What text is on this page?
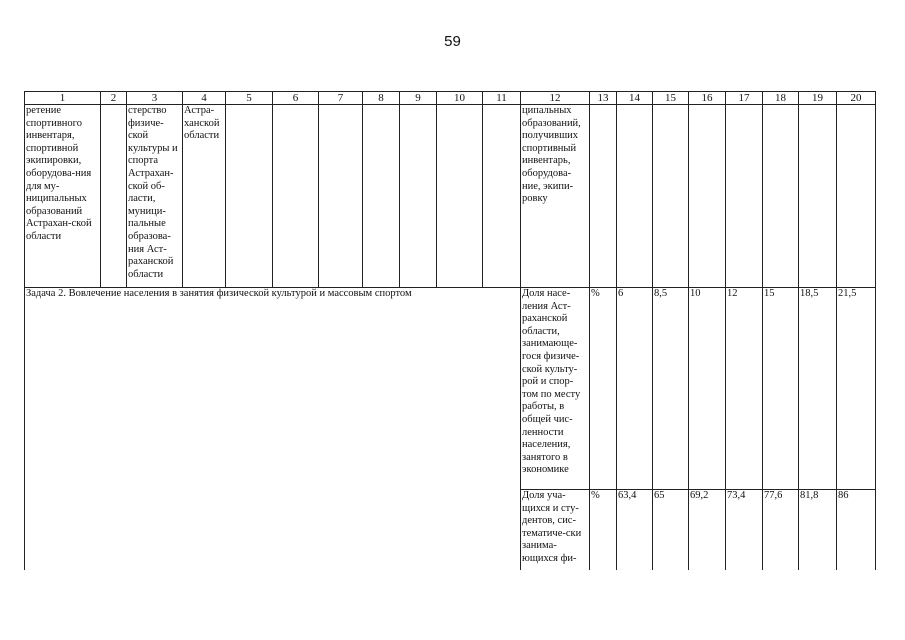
59
1	2	3	4	5	6	7	8	9	10	11	12	13	14	15	16	17	18	19	20
ретение спортивного инвентаря, спортивной экипировки, оборудова-ния для му-ниципальных образований Астрахан-ской области		стерство физиче-ской культуры и спорта Астрахан-ской об-ласти, муници-пальные образова-ния Аст-раханской области	Астра-ханской области								ципальных образований, получивших спортивный инвентарь, оборудова-ние, экипи-ровку								
Задача 2. Вовлечение населения в занятия физической культурой и массовым спортом											Доля насе-ления Аст-раханской области, занимающе-гося физиче-ской культу-рой и спор-том по месту работы, в общей чис-ленности населения, занятого в экономике	%	6	8,5	10	12	15	18,5	21,5
											Доля уча-щихся и сту-дентов, сис-тематиче-ски занима-ющихся фи-	%	63,4	65	69,2	73,4	77,6	81,8	86
